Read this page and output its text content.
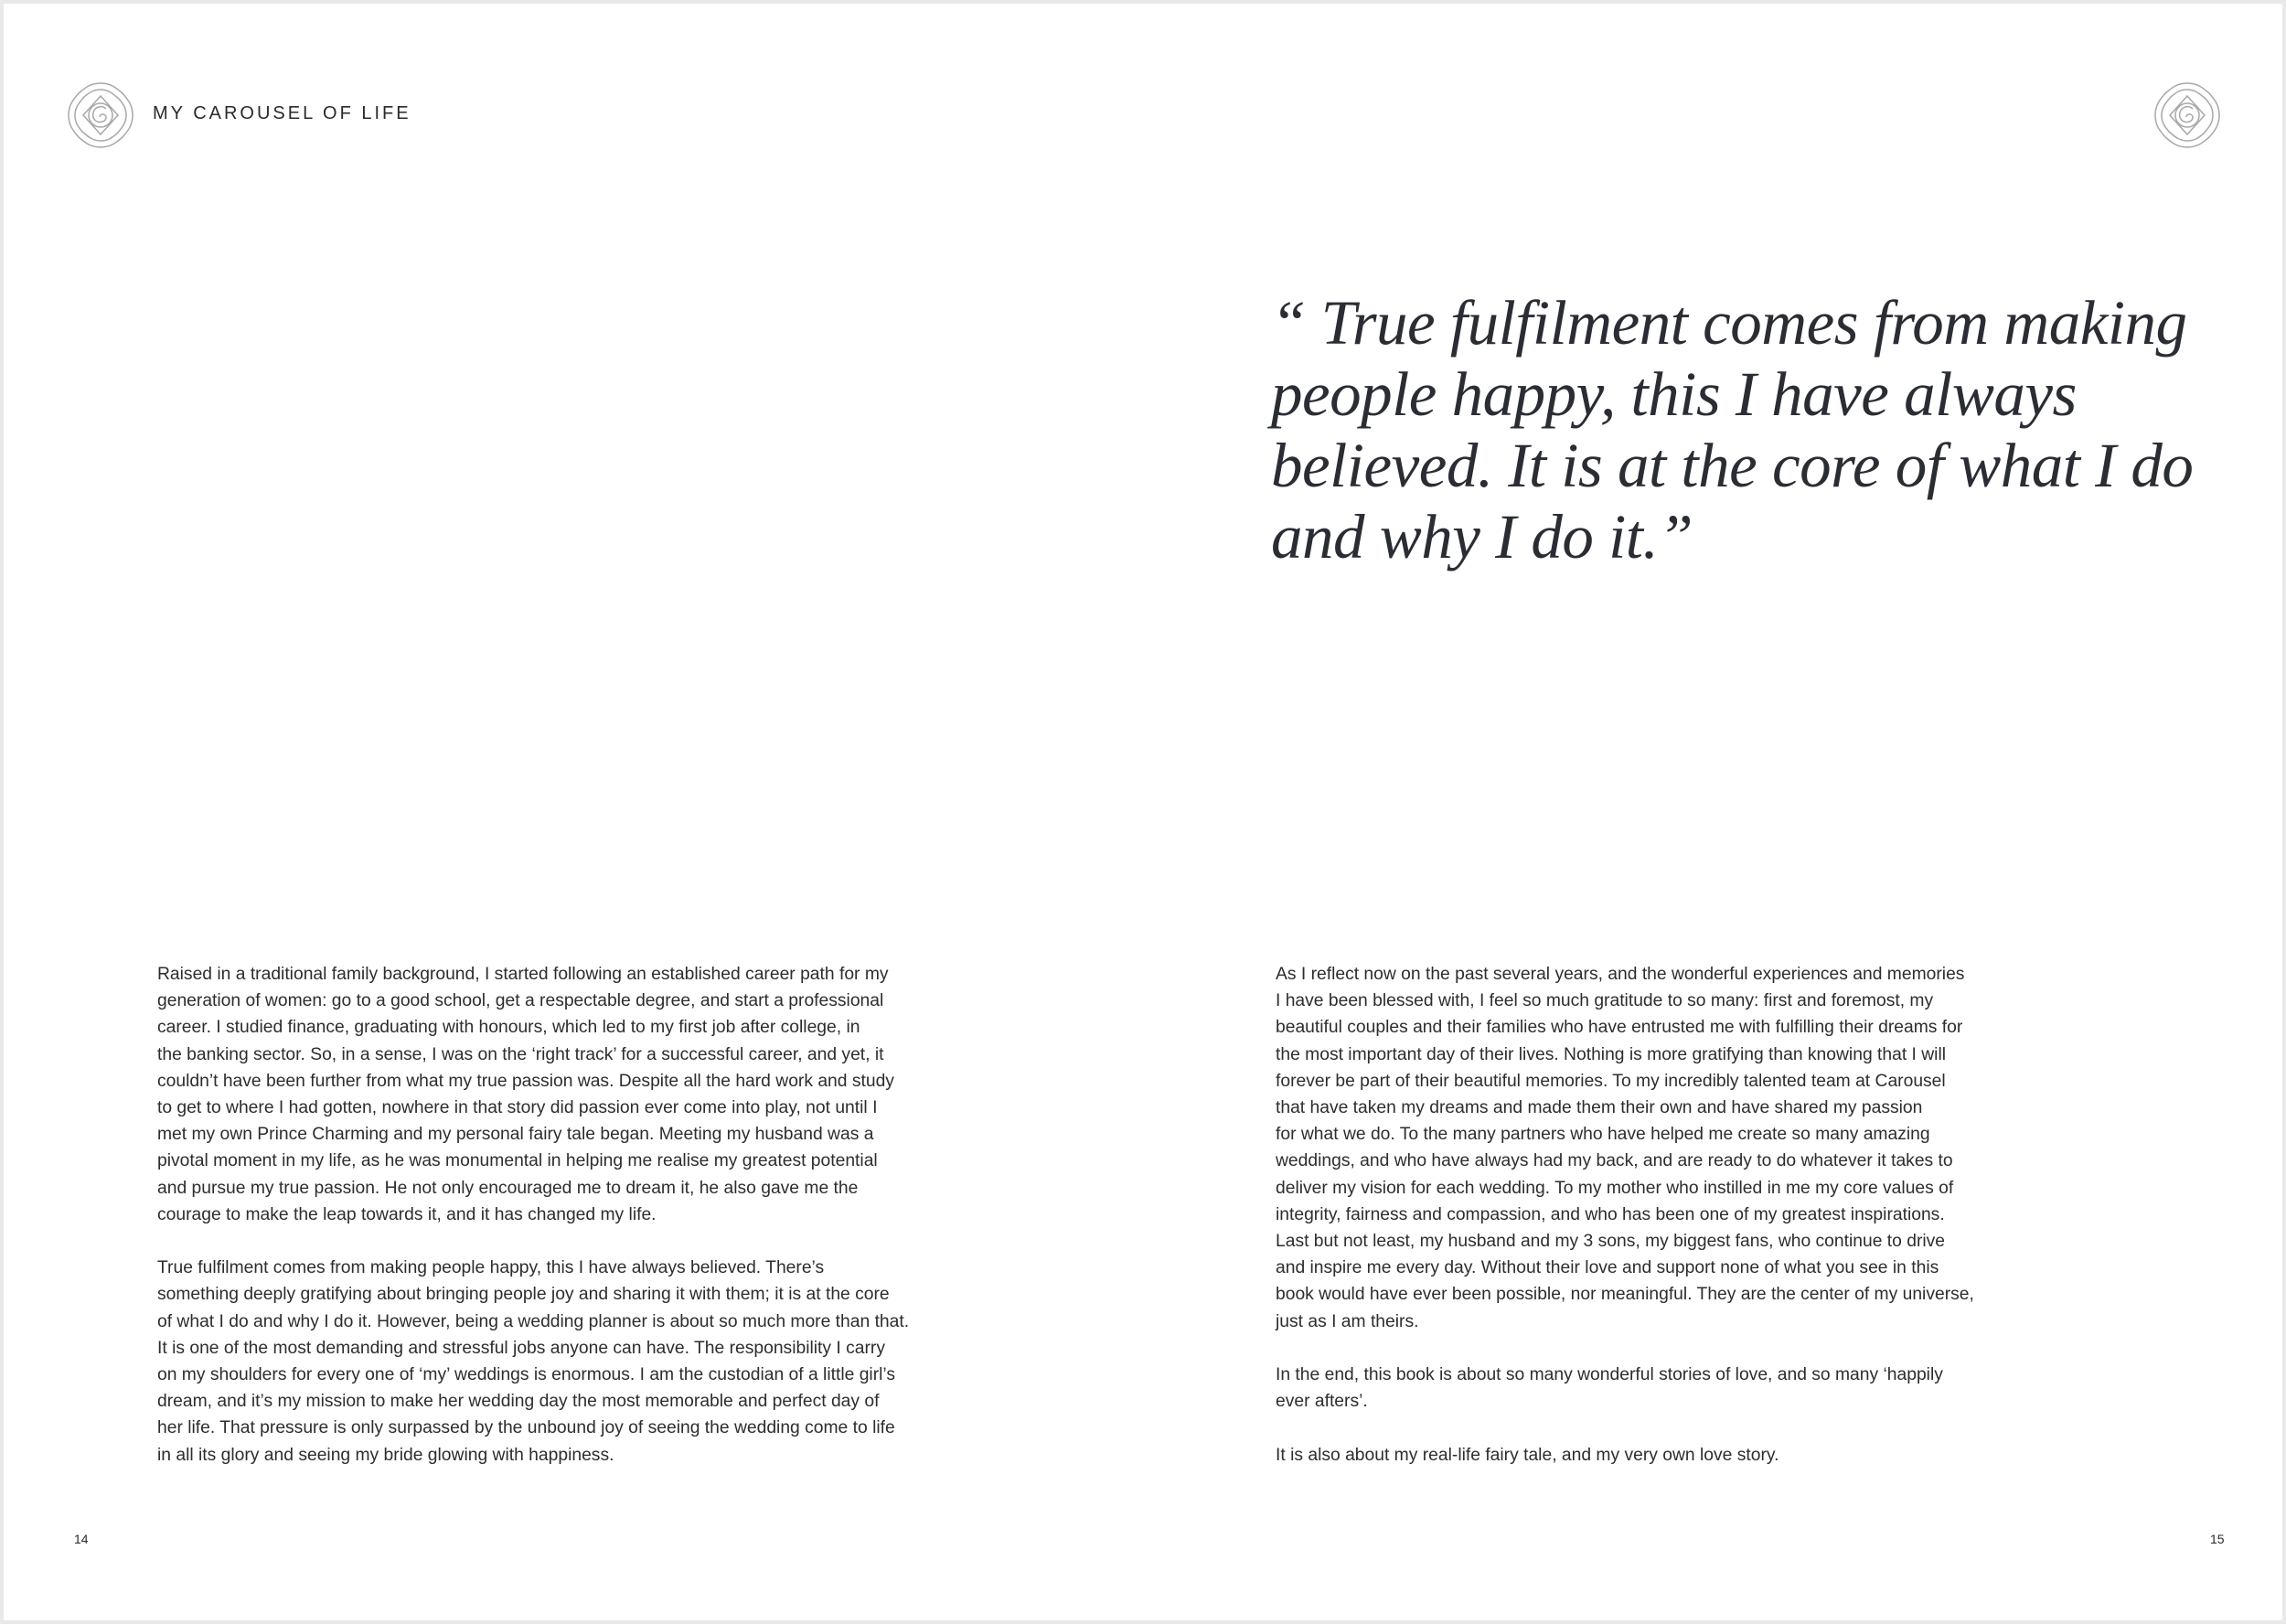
MY CAROUSEL OF LIFE
“ True fulfilment comes from making
people happy, this I have always
believed. It is at the core of what I do
and why I do it.”

Raised in a traditional family background, I started following an established career path for my
generation of women: go to a good school, get a respectable degree, and start a professional
career. I studied finance, graduating with honours, which led to my first job after college, in
the banking sector. So, in a sense, I was on the ‘right track’ for a successful career, and yet, it
couldn’t have been further from what my true passion was. Despite all the hard work and study
to get to where I had gotten, nowhere in that story did passion ever come into play, not until I
met my own Prince Charming and my personal fairy tale began. Meeting my husband was a
pivotal moment in my life, as he was monumental in helping me realise my greatest potential
and pursue my true passion. He not only encouraged me to dream it, he also gave me the
courage to make the leap towards it, and it has changed my life.

True fulfilment comes from making people happy, this I have always believed. There’s
something deeply gratifying about bringing people joy and sharing it with them; it is at the core
of what I do and why I do it. However, being a wedding planner is about so much more than that.
It is one of the most demanding and stressful jobs anyone can have. The responsibility I carry
on my shoulders for every one of ‘my’ weddings is enormous. I am the custodian of a little girl’s
dream, and it’s my mission to make her wedding day the most memorable and perfect day of
her life. That pressure is only surpassed by the unbound joy of seeing the wedding come to life
in all its glory and seeing my bride glowing with happiness.

As I reflect now on the past several years, and the wonderful experiences and memories
I have been blessed with, I feel so much gratitude to so many: first and foremost, my
beautiful couples and their families who have entrusted me with fulfilling their dreams for
the most important day of their lives. Nothing is more gratifying than knowing that I will
forever be part of their beautiful memories. To my incredibly talented team at Carousel
that have taken my dreams and made them their own and have shared my passion
for what we do. To the many partners who have helped me create so many amazing
weddings, and who have always had my back, and are ready to do whatever it takes to
deliver my vision for each wedding. To my mother who instilled in me my core values of
integrity, fairness and compassion, and who has been one of my greatest inspirations.
Last but not least, my husband and my 3 sons, my biggest fans, who continue to drive
and inspire me every day. Without their love and support none of what you see in this
book would have ever been possible, nor meaningful. They are the center of my universe,
just as I am theirs.

In the end, this book is about so many wonderful stories of love, and so many ‘happily
ever afters’.

It is also about my real-life fairy tale, and my very own love story.

14	15
